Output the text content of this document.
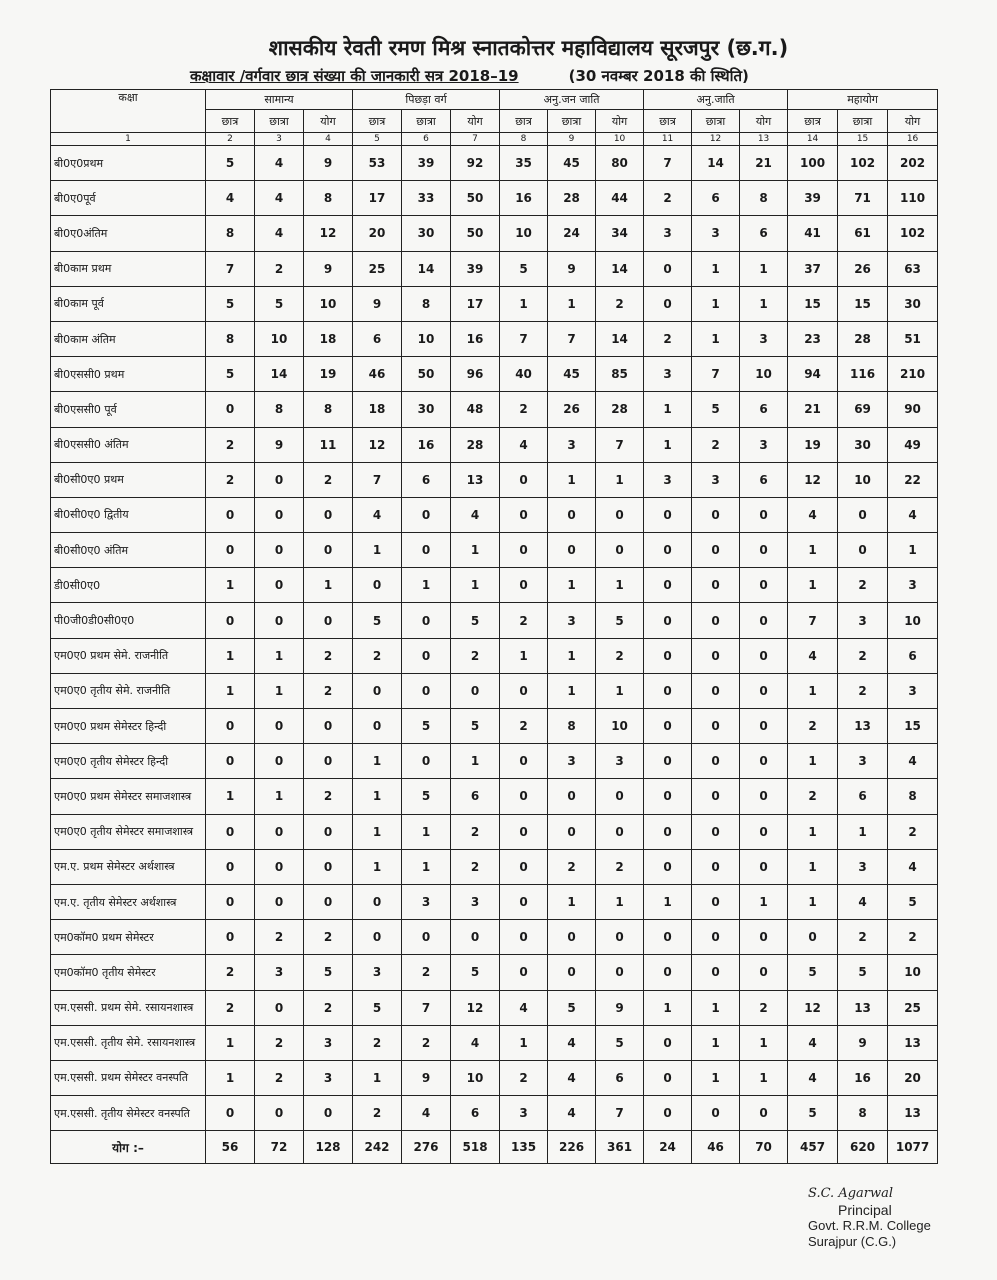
शासकीय रेवती रमण मिश्र स्नातकोत्तर महाविद्यालय सूरजपुर (छ.ग.)
कक्षावार /वर्गवार छात्र संख्या की जानकारी सत्र 2018–19	(30 नवम्बर 2018 की स्थिति)
कक्षा	सामान्य			पिछड़ा वर्ग			अनु.जन जाति			अनु.जाति			महायोग		
	छात्र	छात्रा	योग	छात्र	छात्रा	योग	छात्र	छात्रा	योग	छात्र	छात्रा	योग	छात्र	छात्रा	योग
1	2	3	4	5	6	7	8	9	10	11	12	13	14	15	16
बी0ए0प्रथम	5	4	9	53	39	92	35	45	80	7	14	21	100	102	202
बी0ए0पूर्व	4	4	8	17	33	50	16	28	44	2	6	8	39	71	110
बी0ए0अंतिम	8	4	12	20	30	50	10	24	34	3	3	6	41	61	102
बी0काम प्रथम	7	2	9	25	14	39	5	9	14	0	1	1	37	26	63
बी0काम पूर्व	5	5	10	9	8	17	1	1	2	0	1	1	15	15	30
बी0काम अंतिम	8	10	18	6	10	16	7	7	14	2	1	3	23	28	51
बी0एससी0 प्रथम	5	14	19	46	50	96	40	45	85	3	7	10	94	116	210
बी0एससी0 पूर्व	0	8	8	18	30	48	2	26	28	1	5	6	21	69	90
बी0एससी0 अंतिम	2	9	11	12	16	28	4	3	7	1	2	3	19	30	49
बी0सी0ए0 प्रथम	2	0	2	7	6	13	0	1	1	3	3	6	12	10	22
बी0सी0ए0 द्वितीय	0	0	0	4	0	4	0	0	0	0	0	0	4	0	4
बी0सी0ए0 अंतिम	0	0	0	1	0	1	0	0	0	0	0	0	1	0	1
डी0सी0ए0	1	0	1	0	1	1	0	1	1	0	0	0	1	2	3
पी0जी0डी0सी0ए0	0	0	0	5	0	5	2	3	5	0	0	0	7	3	10
एम0ए0 प्रथम सेमे. राजनीति	1	1	2	2	0	2	1	1	2	0	0	0	4	2	6
एम0ए0 तृतीय सेमे. राजनीति	1	1	2	0	0	0	0	1	1	0	0	0	1	2	3
एम0ए0 प्रथम सेमेस्टर हिन्दी	0	0	0	0	5	5	2	8	10	0	0	0	2	13	15
एम0ए0 तृतीय सेमेस्टर हिन्दी	0	0	0	1	0	1	0	3	3	0	0	0	1	3	4
एम0ए0 प्रथम सेमेस्टर समाजशास्त्र	1	1	2	1	5	6	0	0	0	0	0	0	2	6	8
एम0ए0 तृतीय सेमेस्टर समाजशास्त्र	0	0	0	1	1	2	0	0	0	0	0	0	1	1	2
एम.ए. प्रथम सेमेस्टर अर्थशास्त्र	0	0	0	1	1	2	0	2	2	0	0	0	1	3	4
एम.ए. तृतीय सेमेस्टर अर्थशास्त्र	0	0	0	0	3	3	0	1	1	1	0	1	1	4	5
एम0कॉम0 प्रथम सेमेस्टर	0	2	2	0	0	0	0	0	0	0	0	0	0	2	2
एम0कॉम0 तृतीय सेमेस्टर	2	3	5	3	2	5	0	0	0	0	0	0	5	5	10
एम.एससी. प्रथम सेमे. रसायनशास्त्र	2	0	2	5	7	12	4	5	9	1	1	2	12	13	25
एम.एससी. तृतीय सेमे. रसायनशास्त्र	1	2	3	2	2	4	1	4	5	0	1	1	4	9	13
एम.एससी. प्रथम सेमेस्टर वनस्पति	1	2	3	1	9	10	2	4	6	0	1	1	4	16	20
एम.एससी. तृतीय सेमेस्टर वनस्पति	0	0	0	2	4	6	3	4	7	0	0	0	5	8	13
योग :–	56	72	128	242	276	518	135	226	361	24	46	70	457	620	1077
S.C. Agarwal
Principal
Govt. R.R.M. College
Surajpur (C.G.)
